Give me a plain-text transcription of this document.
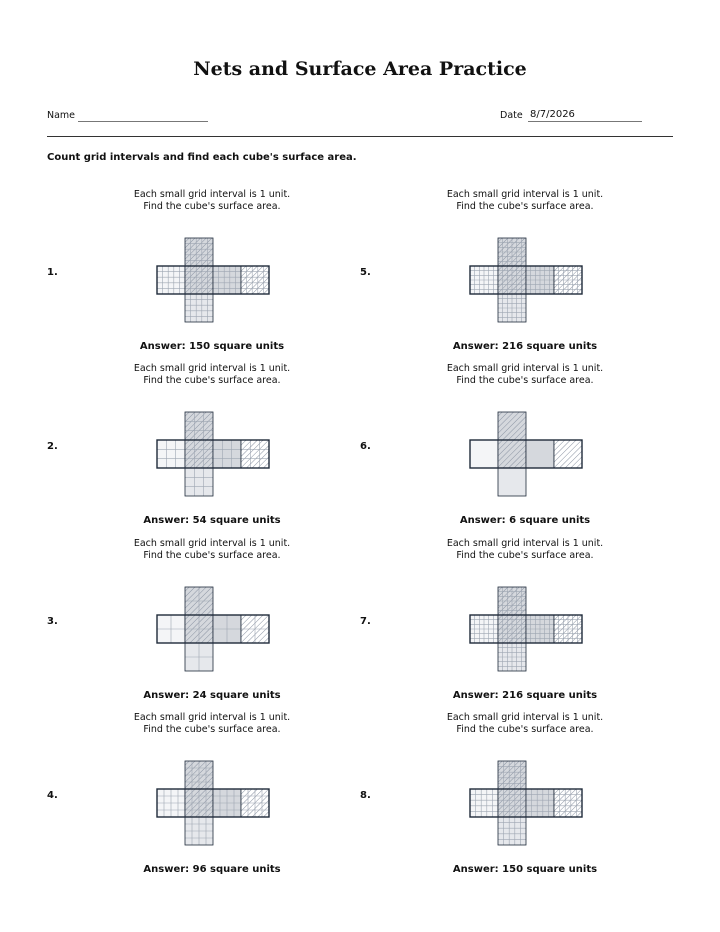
Nets and Surface Area Practice
Name	Date 8/7/2026
Count grid intervals and find each cube's surface area.
1.
Each small grid interval is 1 unit.
Find the cube's surface area.
Answer: 150 square units
2.
Each small grid interval is 1 unit.
Find the cube's surface area.
Answer: 54 square units
3.
Each small grid interval is 1 unit.
Find the cube's surface area.
Answer: 24 square units
4.
Each small grid interval is 1 unit.
Find the cube's surface area.
Answer: 96 square units
5.
Each small grid interval is 1 unit.
Find the cube's surface area.
Answer: 216 square units
6.
Each small grid interval is 1 unit.
Find the cube's surface area.
Answer: 6 square units
7.
Each small grid interval is 1 unit.
Find the cube's surface area.
Answer: 216 square units
8.
Each small grid interval is 1 unit.
Find the cube's surface area.
Answer: 150 square units
